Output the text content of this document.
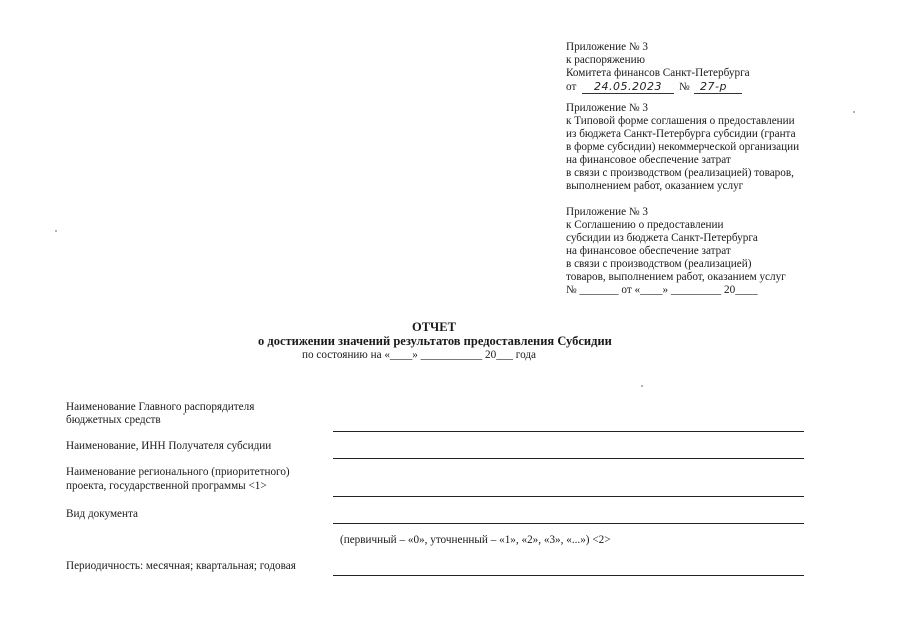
Приложение № 3
к распоряжению
Комитета финансов Санкт-Петербурга
от 24.05.2023 № 27-р
Приложение № 3
к Типовой форме соглашения о предоставлении
из бюджета Санкт-Петербурга субсидии (гранта
в форме субсидии) некоммерческой организации
на финансовое обеспечение затрат
в связи с производством (реализацией) товаров,
выполнением работ, оказанием услуг
Приложение № 3
к Соглашению о предоставлении
субсидии из бюджета Санкт-Петербурга
на финансовое обеспечение затрат
в связи с производством (реализацией)
товаров, выполнением работ, оказанием услуг
№ _______ от «____» _________ 20____
ОТЧЕТ
о достижении значений результатов предоставления Субсидии
по состоянию на «____» ___________ 20___ года
Наименование Главного распорядителя
бюджетных средств
Наименование, ИНН Получателя субсидии
Наименование регионального (приоритетного)
проекта, государственной программы <1>
Вид документа
(первичный – «0», уточненный – «1», «2», «3», «...») <2>
Периодичность: месячная; квартальная; годовая
